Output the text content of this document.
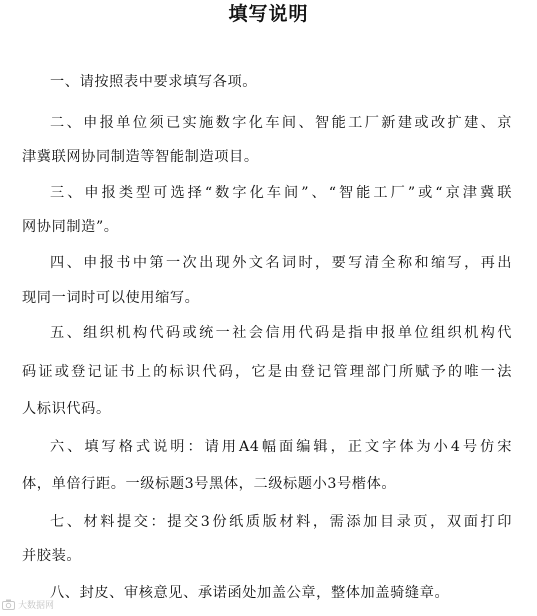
填写说明
一、请按照表中要求填写各项。
二、申报单位须已实施数字化车间、智能工厂新建或改扩建、京
津冀联网协同制造等智能制造项目。
三、申报类型可选择“数字化车间”、“智能工厂”或“京津冀联
网协同制造”。
四、申报书中第一次出现外文名词时，要写清全称和缩写，再出
现同一词时可以使用缩写。
五、组织机构代码或统一社会信用代码是指申报单位组织机构代
码证或登记证书上的标识代码，它是由登记管理部门所赋予的唯一法
人标识代码。
六、填写格式说明：请用A4幅面编辑，正文字体为小4号仿宋
体，单倍行距。一级标题3号黑体，二级标题小3号楷体。
七、材料提交：提交3份纸质版材料，需添加目录页，双面打印
并胶装。
八、封皮、审核意见、承诺函处加盖公章，整体加盖骑缝章。
大数据网
